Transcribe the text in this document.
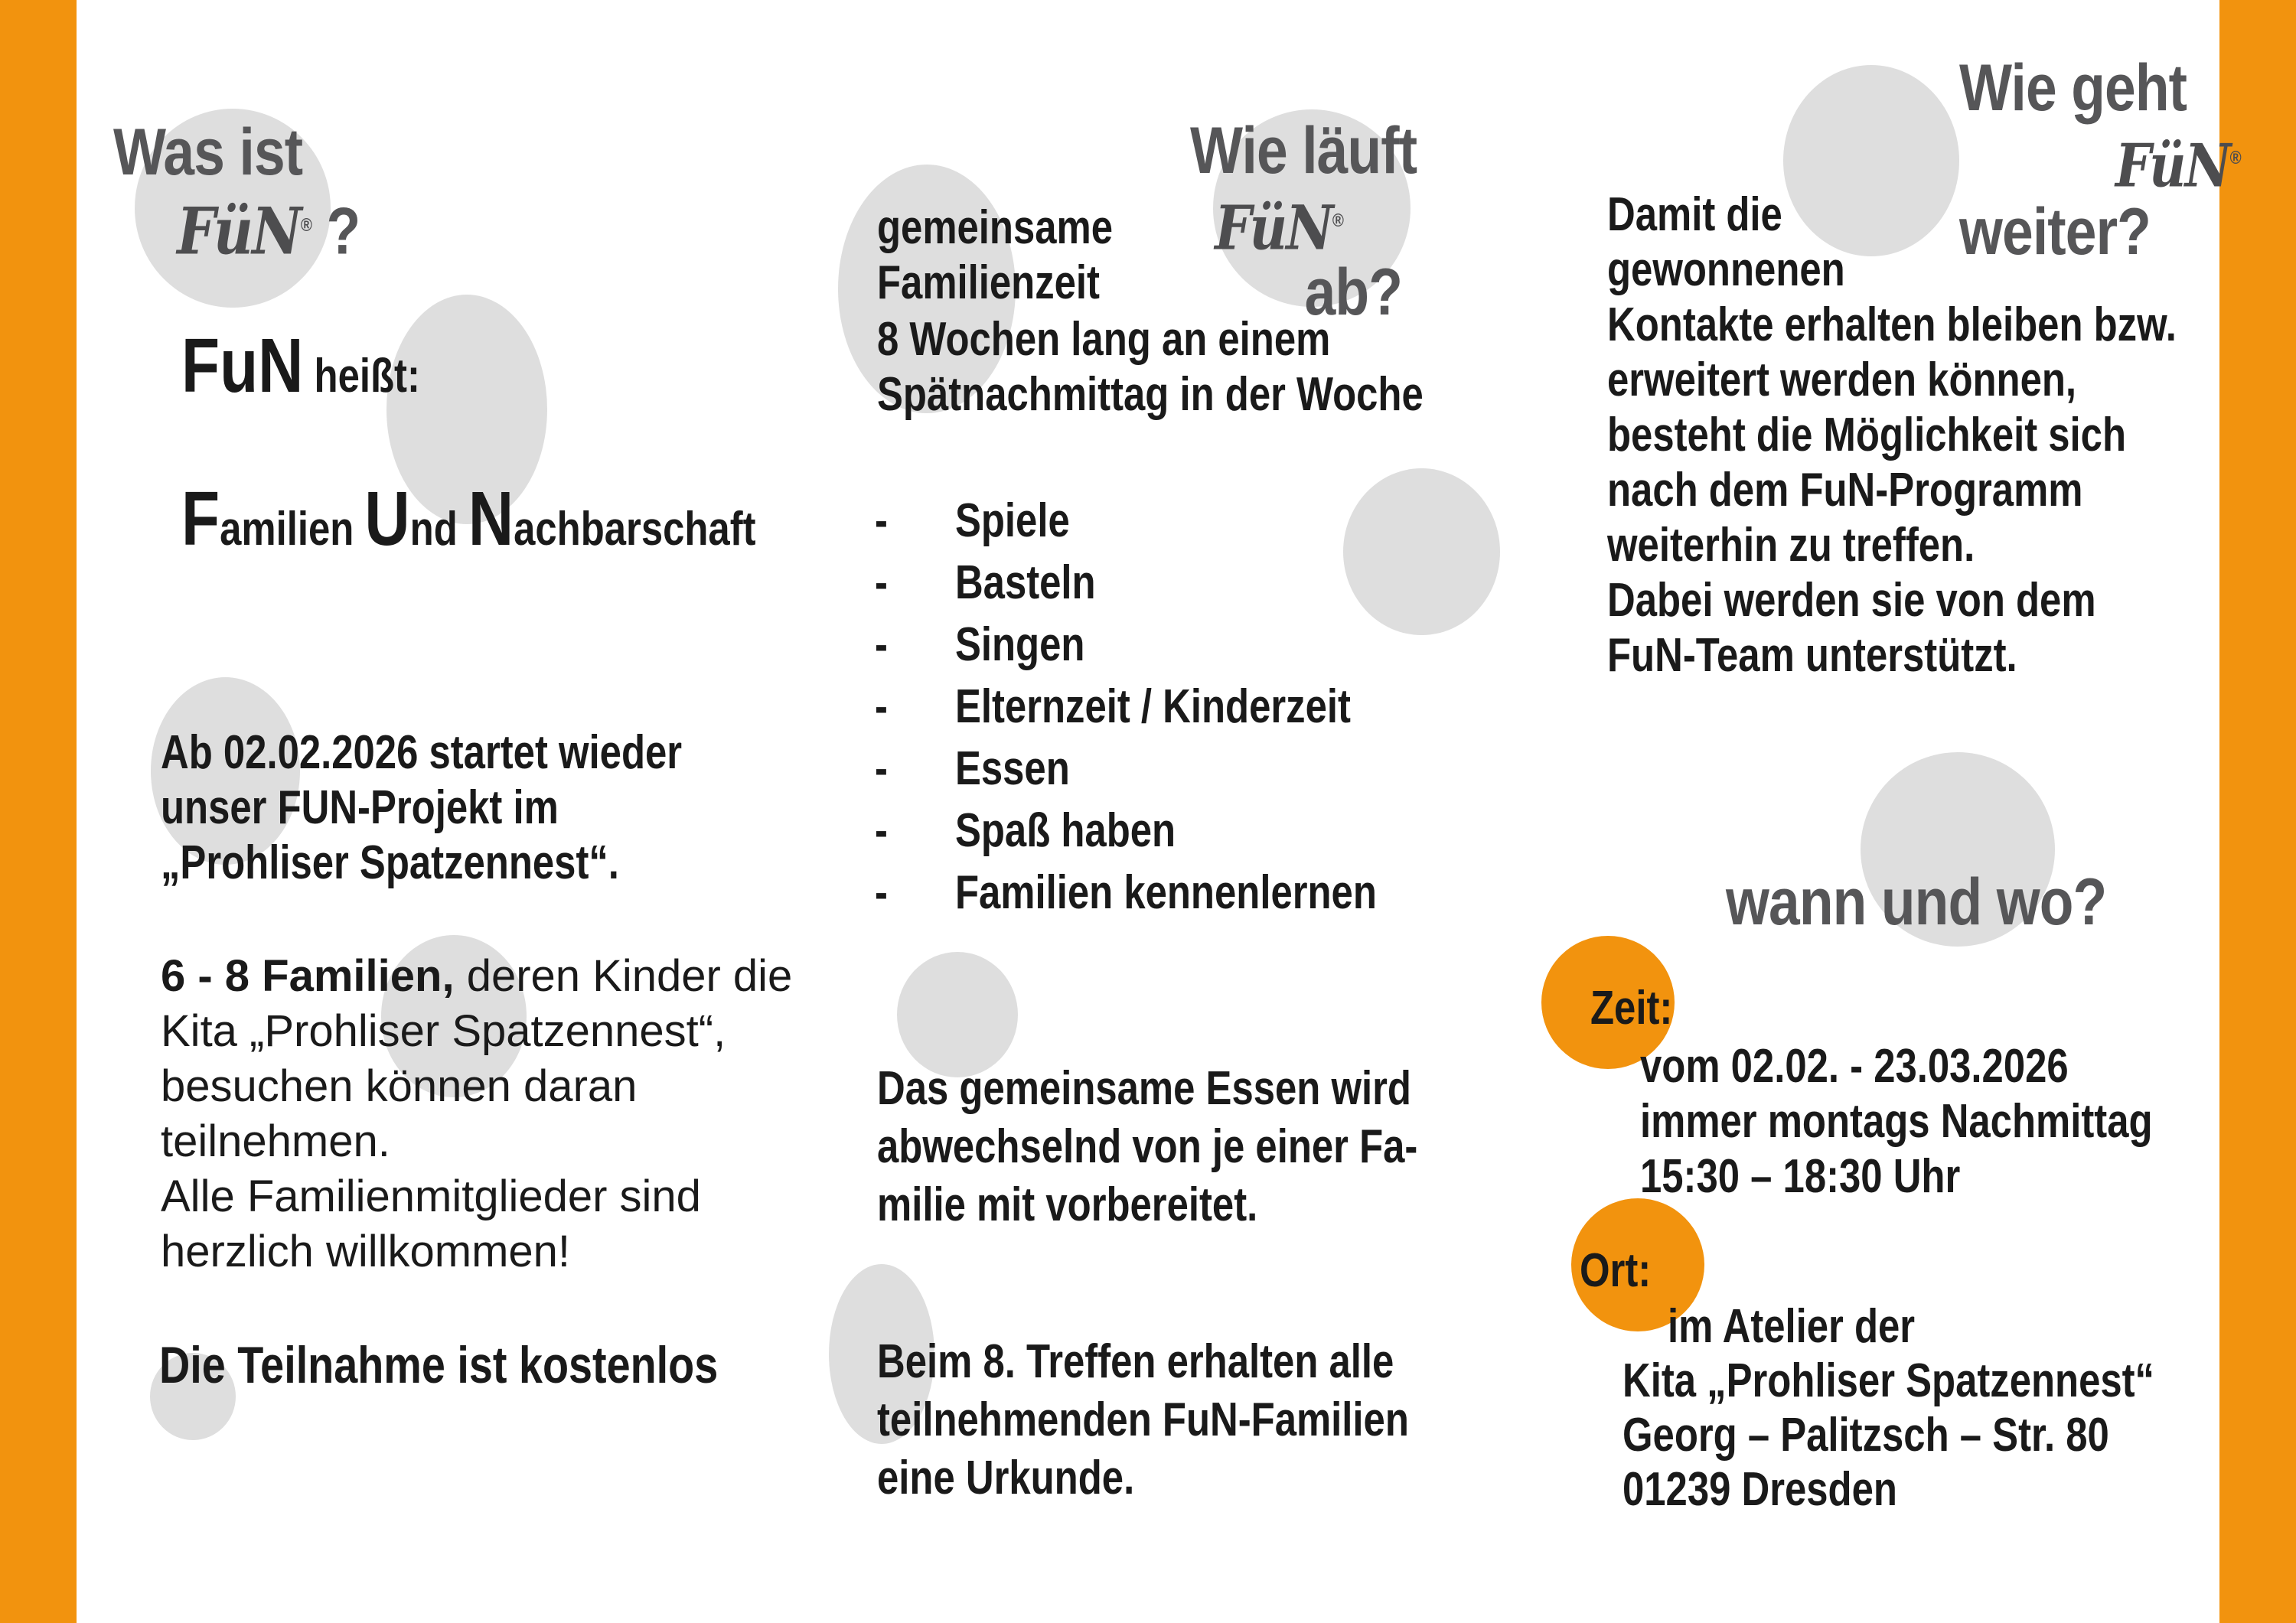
Was ist
FüN® ?
FuN heißt:
Familien Und Nachbarschaft
Ab 02.02.2026 startet wieder
unser FUN-Projekt im
„Prohliser Spatzennest“.
6 - 8 Familien, deren Kinder die
Kita „Prohliser Spatzennest“,
besuchen können daran
teilnehmen.
Alle Familienmitglieder sind
herzlich willkommen!
Die Teilnahme ist kostenlos
Wie läuft
FüN®
ab?
gemeinsame
Familienzeit
8 Wochen lang an einem
Spätnachmittag in der Woche
-	Spiele
-	Basteln
-	Singen
-	Elternzeit / Kinderzeit
-	Essen
-	Spaß haben
-	Familien kennenlernen
Das gemeinsame Essen wird
abwechselnd von je einer Fa-
milie mit vorbereitet.
Beim 8. Treffen erhalten alle
teilnehmenden FuN-Familien
eine Urkunde.
Wie geht
FüN®
weiter?
Damit die
gewonnenen
Kontakte erhalten bleiben bzw.
erweitert werden können,
besteht die Möglichkeit sich
nach dem FuN-Programm
weiterhin zu treffen.
Dabei werden sie von dem
FuN-Team unterstützt.
wann und wo?
Zeit:
vom 02.02. - 23.03.2026
immer montags Nachmittag
15:30 – 18:30 Uhr
Ort:
im Atelier der
Kita „Prohliser Spatzennest“
Georg – Palitzsch – Str. 80
01239 Dresden
